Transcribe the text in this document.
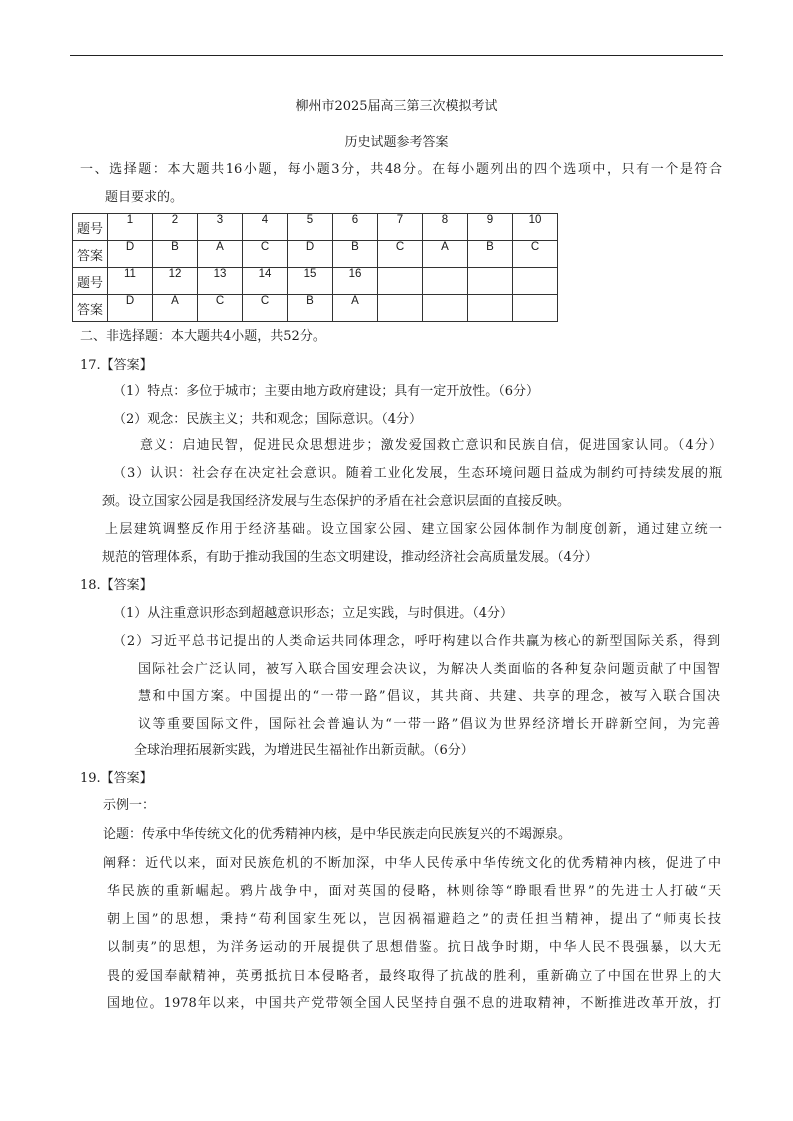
柳州市2025届高三第三次模拟考试
历史试题参考答案
一、选择题：本大题共16小题，每小题3分，共48分。在每小题列出的四个选项中，只有一个是符合
题目要求的。
题号	1	2	3	4	5	6	7	8	9	10
答案	D	B	A	C	D	B	C	A	B	C
题号	11	12	13	14	15	16				
答案	D	A	C	C	B	A				
二、非选择题：本大题共4小题，共52分。
17.【答案】
（1）特点：多位于城市；主要由地方政府建设；具有一定开放性。（6分）
（2）观念：民族主义；共和观念；国际意识。（4分）
意义：启迪民智，促进民众思想进步；激发爱国救亡意识和民族自信，促进国家认同。（4分）
（3）认识：社会存在决定社会意识。随着工业化发展，生态环境问题日益成为制约可持续发展的瓶
颈。设立国家公园是我国经济发展与生态保护的矛盾在社会意识层面的直接反映。
上层建筑调整反作用于经济基础。设立国家公园、建立国家公园体制作为制度创新，通过建立统一
规范的管理体系，有助于推动我国的生态文明建设，推动经济社会高质量发展。（4分）
18.【答案】
（1）从注重意识形态到超越意识形态；立足实践，与时俱进。（4分）
（2）习近平总书记提出的人类命运共同体理念，呼吁构建以合作共赢为核心的新型国际关系，得到
国际社会广泛认同，被写入联合国安理会决议，为解决人类面临的各种复杂问题贡献了中国智
慧和中国方案。中国提出的“一带一路”倡议，其共商、共建、共享的理念，被写入联合国决
议等重要国际文件，国际社会普遍认为“一带一路”倡议为世界经济增长开辟新空间，为完善
全球治理拓展新实践，为增进民生福祉作出新贡献。（6分）
19.【答案】
示例一：
论题：传承中华传统文化的优秀精神内核，是中华民族走向民族复兴的不竭源泉。
阐释：近代以来，面对民族危机的不断加深，中华人民传承中华传统文化的优秀精神内核，促进了中
华民族的重新崛起。鸦片战争中，面对英国的侵略，林则徐等“睁眼看世界”的先进士人打破“天
朝上国”的思想，秉持“苟利国家生死以，岂因祸福避趋之”的责任担当精神，提出了“师夷长技
以制夷”的思想，为洋务运动的开展提供了思想借鉴。抗日战争时期，中华人民不畏强暴，以大无
畏的爱国奉献精神，英勇抵抗日本侵略者，最终取得了抗战的胜利，重新确立了中国在世界上的大
国地位。1978年以来，中国共产党带领全国人民坚持自强不息的进取精神，不断推进改革开放，打
